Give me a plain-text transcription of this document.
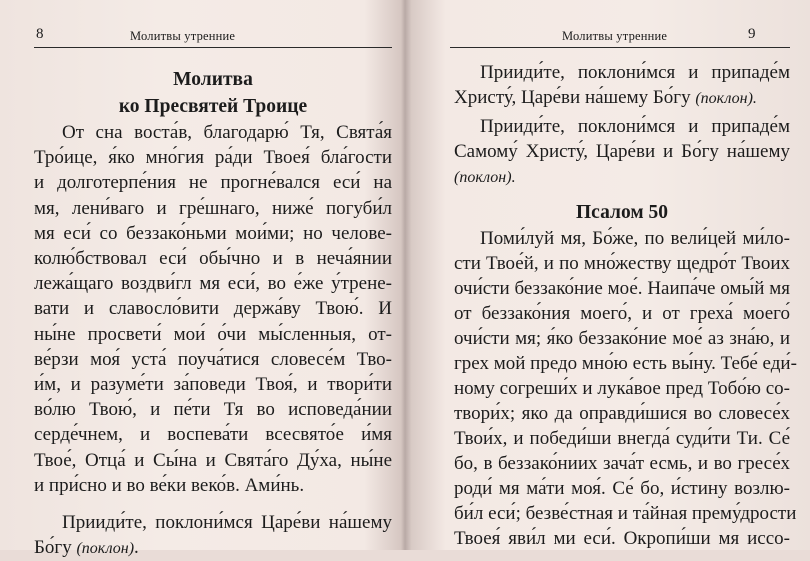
8	Молитвы утренние
Молитва
ко Пресвятей Троице
От сна воста́в, благодарю́ Тя, Свята́я
Тро́ице, я́ко мно́гия ра́ди Твоея́ бла́гости
и долготерпе́ния не прогне́вался еси́ на
мя, лени́ваго и гре́шнаго, ниже́ погуби́л
мя еси́ со беззако́ньми мои́ми; но челове-
колю́бствовал еси́ обы́чно и в неча́янии
лежа́щаго воздви́гл мя еси́, во е́же у́трене-
вати и славосло́вити держа́ву Твою́. И
ны́не просвети́ мои́ о́чи мы́сленныя, от-
ве́рзи моя́ уста́ поуча́тися словесе́м Тво-
и́м, и разуме́ти за́поведи Твоя́, и твори́ти
во́лю Твою́, и пе́ти Тя во исповеда́нии
серде́чнем, и воспева́ти всесвято́е и́мя
Твое́, Отца́ и Сы́на и Свята́го Ду́ха, ны́не
и при́сно и во ве́ки веко́в. Ами́нь.
Прииди́те, поклони́мся Царе́ви на́шему
Бо́гу (поклон).
Молитвы утренние	9
Прииди́те, поклони́мся и припаде́м
Христу́, Царе́ви на́шему Бо́гу (поклон).
Прииди́те, поклони́мся и припаде́м
Самому́ Христу́, Царе́ви и Бо́гу на́шему
(поклон).
Псалом 50
Поми́луй мя, Бо́же, по вели́цей ми́ло-
сти Твое́й, и по мно́жеству щедро́т Твоих
очи́сти беззако́ние мое́. Наипа́че омы́й мя
от беззако́ния моего́, и от греха́ моего́
очи́сти мя; я́ко беззако́ние мое́ аз зна́ю, и
грех мой предо мно́ю есть вы́ну. Тебе́ еди́-
ному согреши́х и лука́вое пред Тобо́ю со-
твори́х; яко да оправди́шися во словесе́х
Твои́х, и победи́ши внегда́ суди́ти Ти. Се́
бо, в беззако́ниих зача́т есмь, и во гресе́х
роди́ мя ма́ти моя́. Се́ бо, и́стину возлю-
би́л еси́; безве́стная и та́йная прему́дрости
Твоея́ яви́л ми еси́. Окропи́ши мя иссо-
